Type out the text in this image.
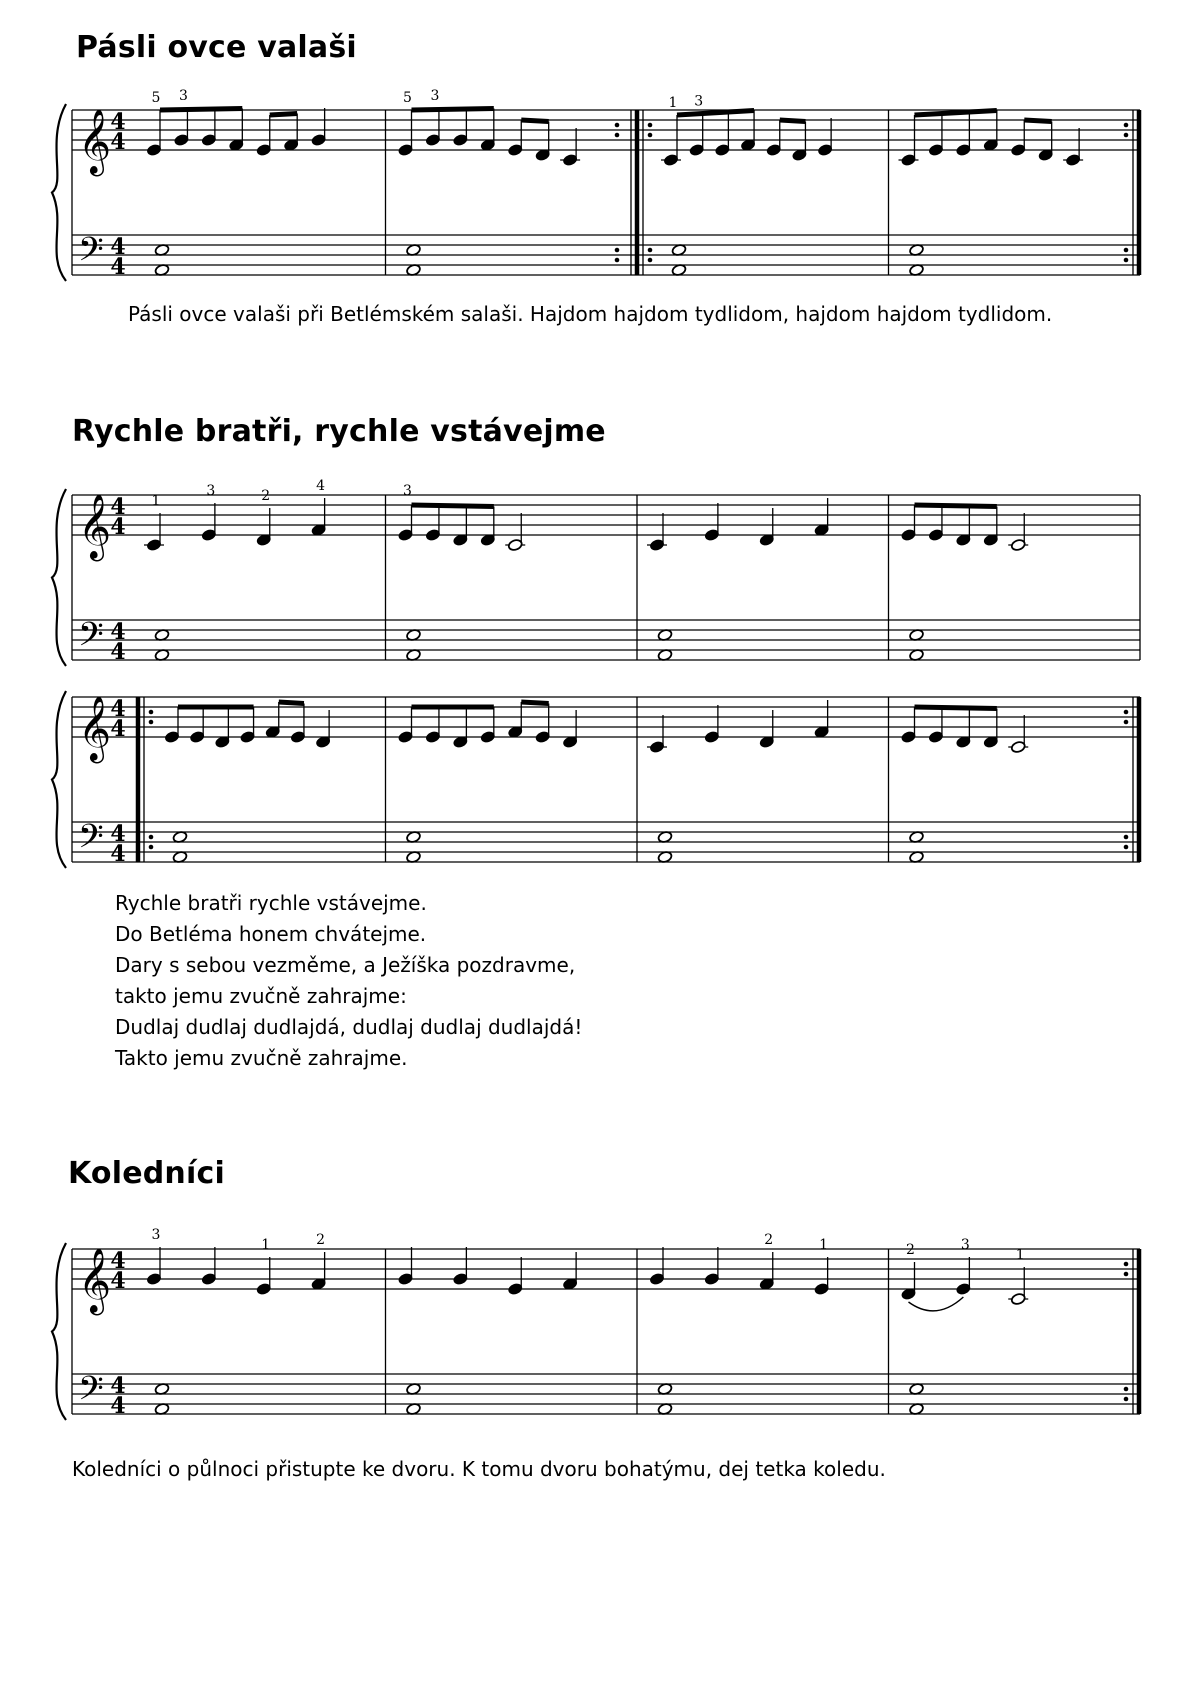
Pásli ovce valaši
𝄞
𝄢
4
4
4
4
5 3	5 3	1 3

Pásli ovce valaši při Betlémském salaši. Hajdom hajdom tydlidom, hajdom hajdom tydlidom.

Rychle bratři, rychle vstávejme
𝄞
𝄢
4
4
4
4
1
3	2
4	3
𝄞
𝄢
4
4
4
4
Rychle bratři rychle vstávejme.
Do Betléma honem chvátejme.
Dary s sebou vezměme, a Ježíška pozdravme,
takto jemu zvučně zahrajme:
Dudlaj dudlaj dudlajdá, dudlaj dudlaj dudlajdá!
Takto jemu zvučně zahrajme.
Koledníci
𝄞
𝄢
4
4
4
4
3
1	2	2	1	2	3
1

Koledníci o půlnoci přistupte ke dvoru. K tomu dvoru bohatýmu, dej tetka koledu.
